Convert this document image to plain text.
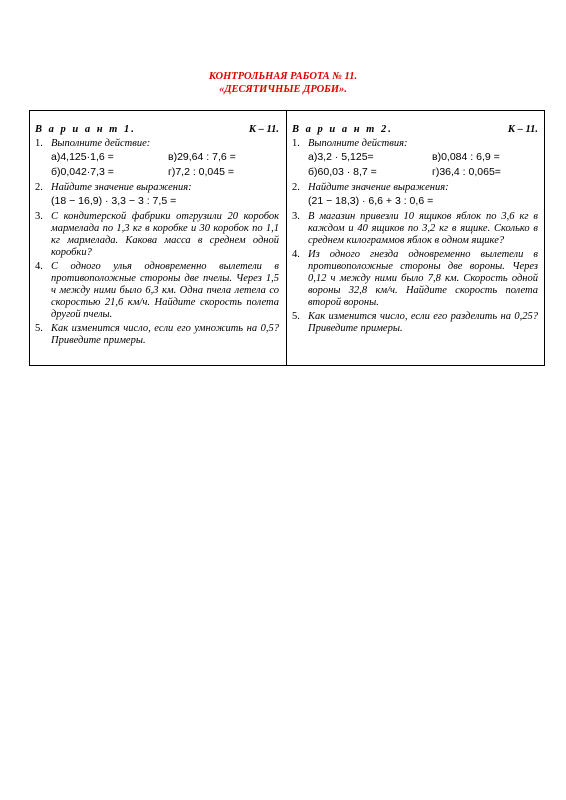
КОНТРОЛЬНАЯ РАБОТА № 11.
«ДЕСЯТИЧНЫЕ ДРОБИ».
В а р и а н т 1.	К – 11.
1. Выполните действие:
а)4,125·1,6 =	в)29,64 : 7,6 =
б)0,042·7,3 =	г)7,2 : 0,045 =
2. Найдите значение выражения:
(18 − 16,9) · 3,3 − 3 : 7,5 =
3. С кондитерской фабрики отгрузили 20 коробок мармелада по 1,3 кг в коробке и 30 коробок по 1,1 кг мармелада. Какова масса в среднем одной коробки?
4. С одного улья одновременно вылетели в противоположные стороны две пчелы. Через 1,5 ч между ними было 6,3 км. Одна пчела летела со скоростью 21,6 км/ч. Найдите скорость полета другой пчелы.
5. Как изменится число, если его умножить на 0,5? Приведите примеры.
В а р и а н т 2.	К – 11.
1. Выполните действия:
а)3,2 · 5,125=	в)0,084 : 6,9 =
б)60,03 · 8,7 =	г)36,4 : 0,065=
2. Найдите значение выражения:
(21 − 18,3) · 6,6 + 3 : 0,6 =
3. В магазин привезли 10 ящиков яблок по 3,6 кг в каждом и 40 ящиков по 3,2 кг в ящике. Сколько в среднем килограммов яблок в одном ящике?
4. Из одного гнезда одновременно вылетели в противоположные стороны две вороны. Через 0,12 ч между ними было 7,8 км. Скорость одной вороны 32,8 км/ч. Найдите скорость полета второй вороны.
5. Как изменится число, если его разделить на 0,25? Приведите примеры.
